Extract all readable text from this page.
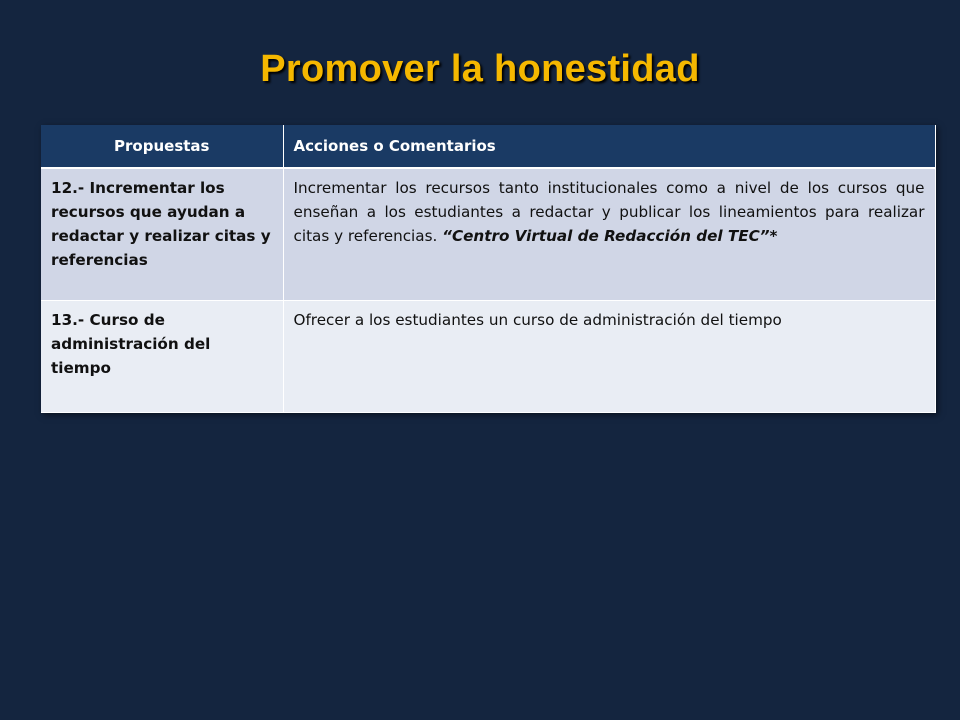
Promover la honestidad
Propuestas	Acciones o Comentarios
12.- Incrementar los recursos que ayudan a redactar y realizar citas y referencias	Incrementar los recursos tanto institucionales como a nivel de los cursos que enseñan a los estudiantes a redactar y publicar los lineamientos para realizar citas y referencias. “Centro Virtual de Redacción del TEC”*
13.- Curso de administración del tiempo	Ofrecer a los estudiantes un curso de administración del tiempo
